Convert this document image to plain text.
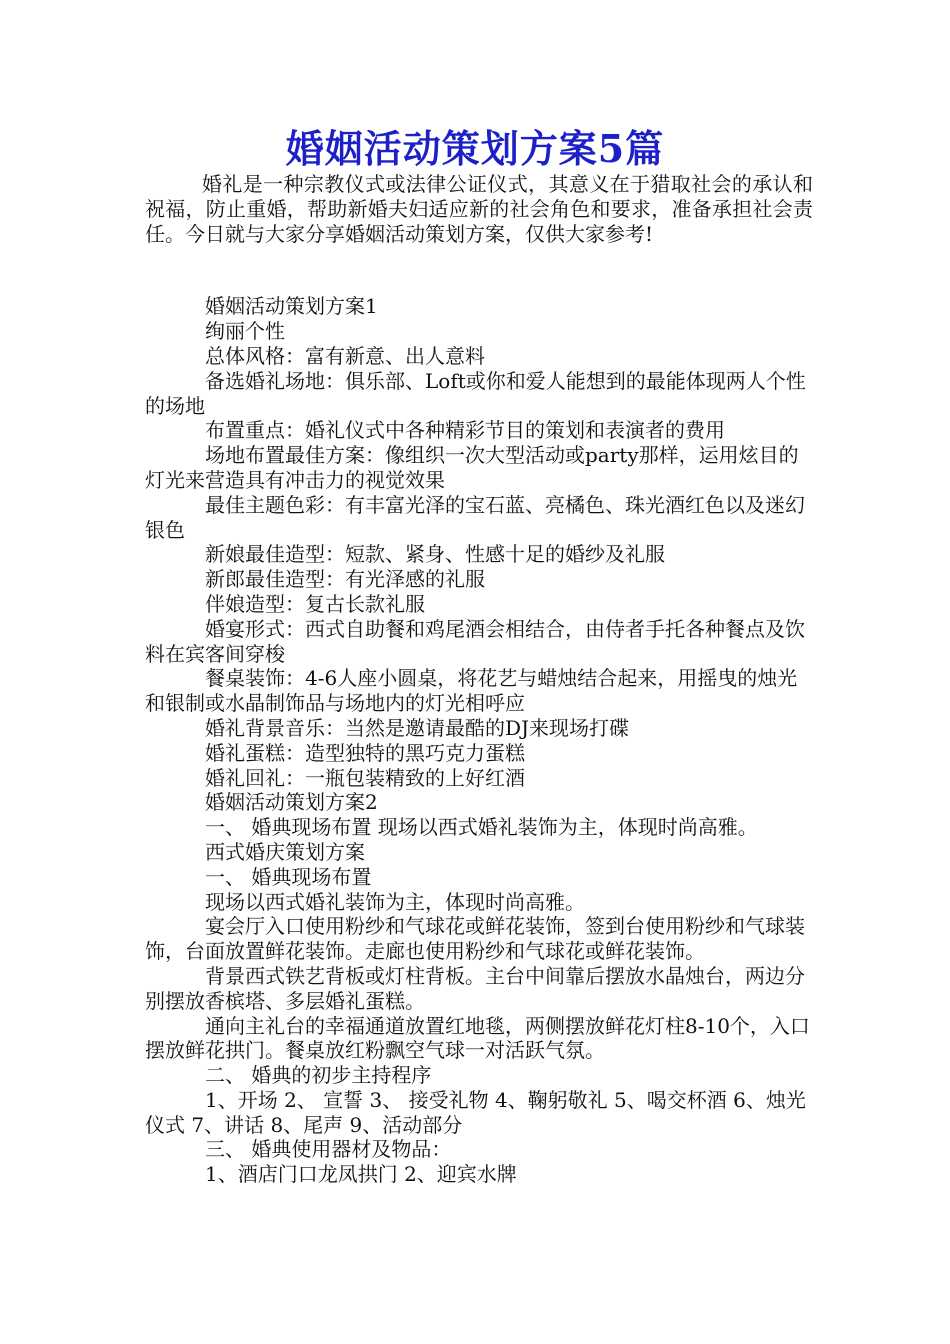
婚姻活动策划方案5篇

婚礼是一种宗教仪式或法律公证仪式，其意义在于猎取社会的承认和祝福，防止重婚，帮助新婚夫妇适应新的社会角色和要求，准备承担社会责任。今日就与大家分享婚姻活动策划方案，仅供大家参考!

婚姻活动策划方案1

绚丽个性

总体风格：富有新意、出人意料

备选婚礼场地：俱乐部、Loft或你和爱人能想到的最能体现两人个性的场地

布置重点：婚礼仪式中各种精彩节目的策划和表演者的费用

场地布置最佳方案：像组织一次大型活动或party那样，运用炫目的灯光来营造具有冲击力的视觉效果

最佳主题色彩：有丰富光泽的宝石蓝、亮橘色、珠光酒红色以及迷幻银色

新娘最佳造型：短款、紧身、性感十足的婚纱及礼服

新郎最佳造型：有光泽感的礼服

伴娘造型：复古长款礼服

婚宴形式：西式自助餐和鸡尾酒会相结合，由侍者手托各种餐点及饮料在宾客间穿梭

餐桌装饰：4-6人座小圆桌，将花艺与蜡烛结合起来，用摇曳的烛光和银制或水晶制饰品与场地内的灯光相呼应

婚礼背景音乐：当然是邀请最酷的DJ来现场打碟

婚礼蛋糕：造型独特的黑巧克力蛋糕

婚礼回礼：一瓶包装精致的上好红酒

婚姻活动策划方案2

一、 婚典现场布置 现场以西式婚礼装饰为主，体现时尚高雅。

西式婚庆策划方案

一、 婚典现场布置

现场以西式婚礼装饰为主，体现时尚高雅。

宴会厅入口使用粉纱和气球花或鲜花装饰，签到台使用粉纱和气球装饰，台面放置鲜花装饰。走廊也使用粉纱和气球花或鲜花装饰。

背景西式铁艺背板或灯柱背板。主台中间靠后摆放水晶烛台，两边分别摆放香槟塔、多层婚礼蛋糕。

通向主礼台的幸福通道放置红地毯，两侧摆放鲜花灯柱8-10个，入口摆放鲜花拱门。餐桌放红粉飘空气球一对活跃气氛。

二、 婚典的初步主持程序

1、开场 2、 宣誓 3、 接受礼物 4、鞠躬敬礼 5、喝交杯酒 6、烛光仪式 7、讲话 8、尾声 9、活动部分

三、 婚典使用器材及物品：

1、酒店门口龙凤拱门 2、迎宾水牌
